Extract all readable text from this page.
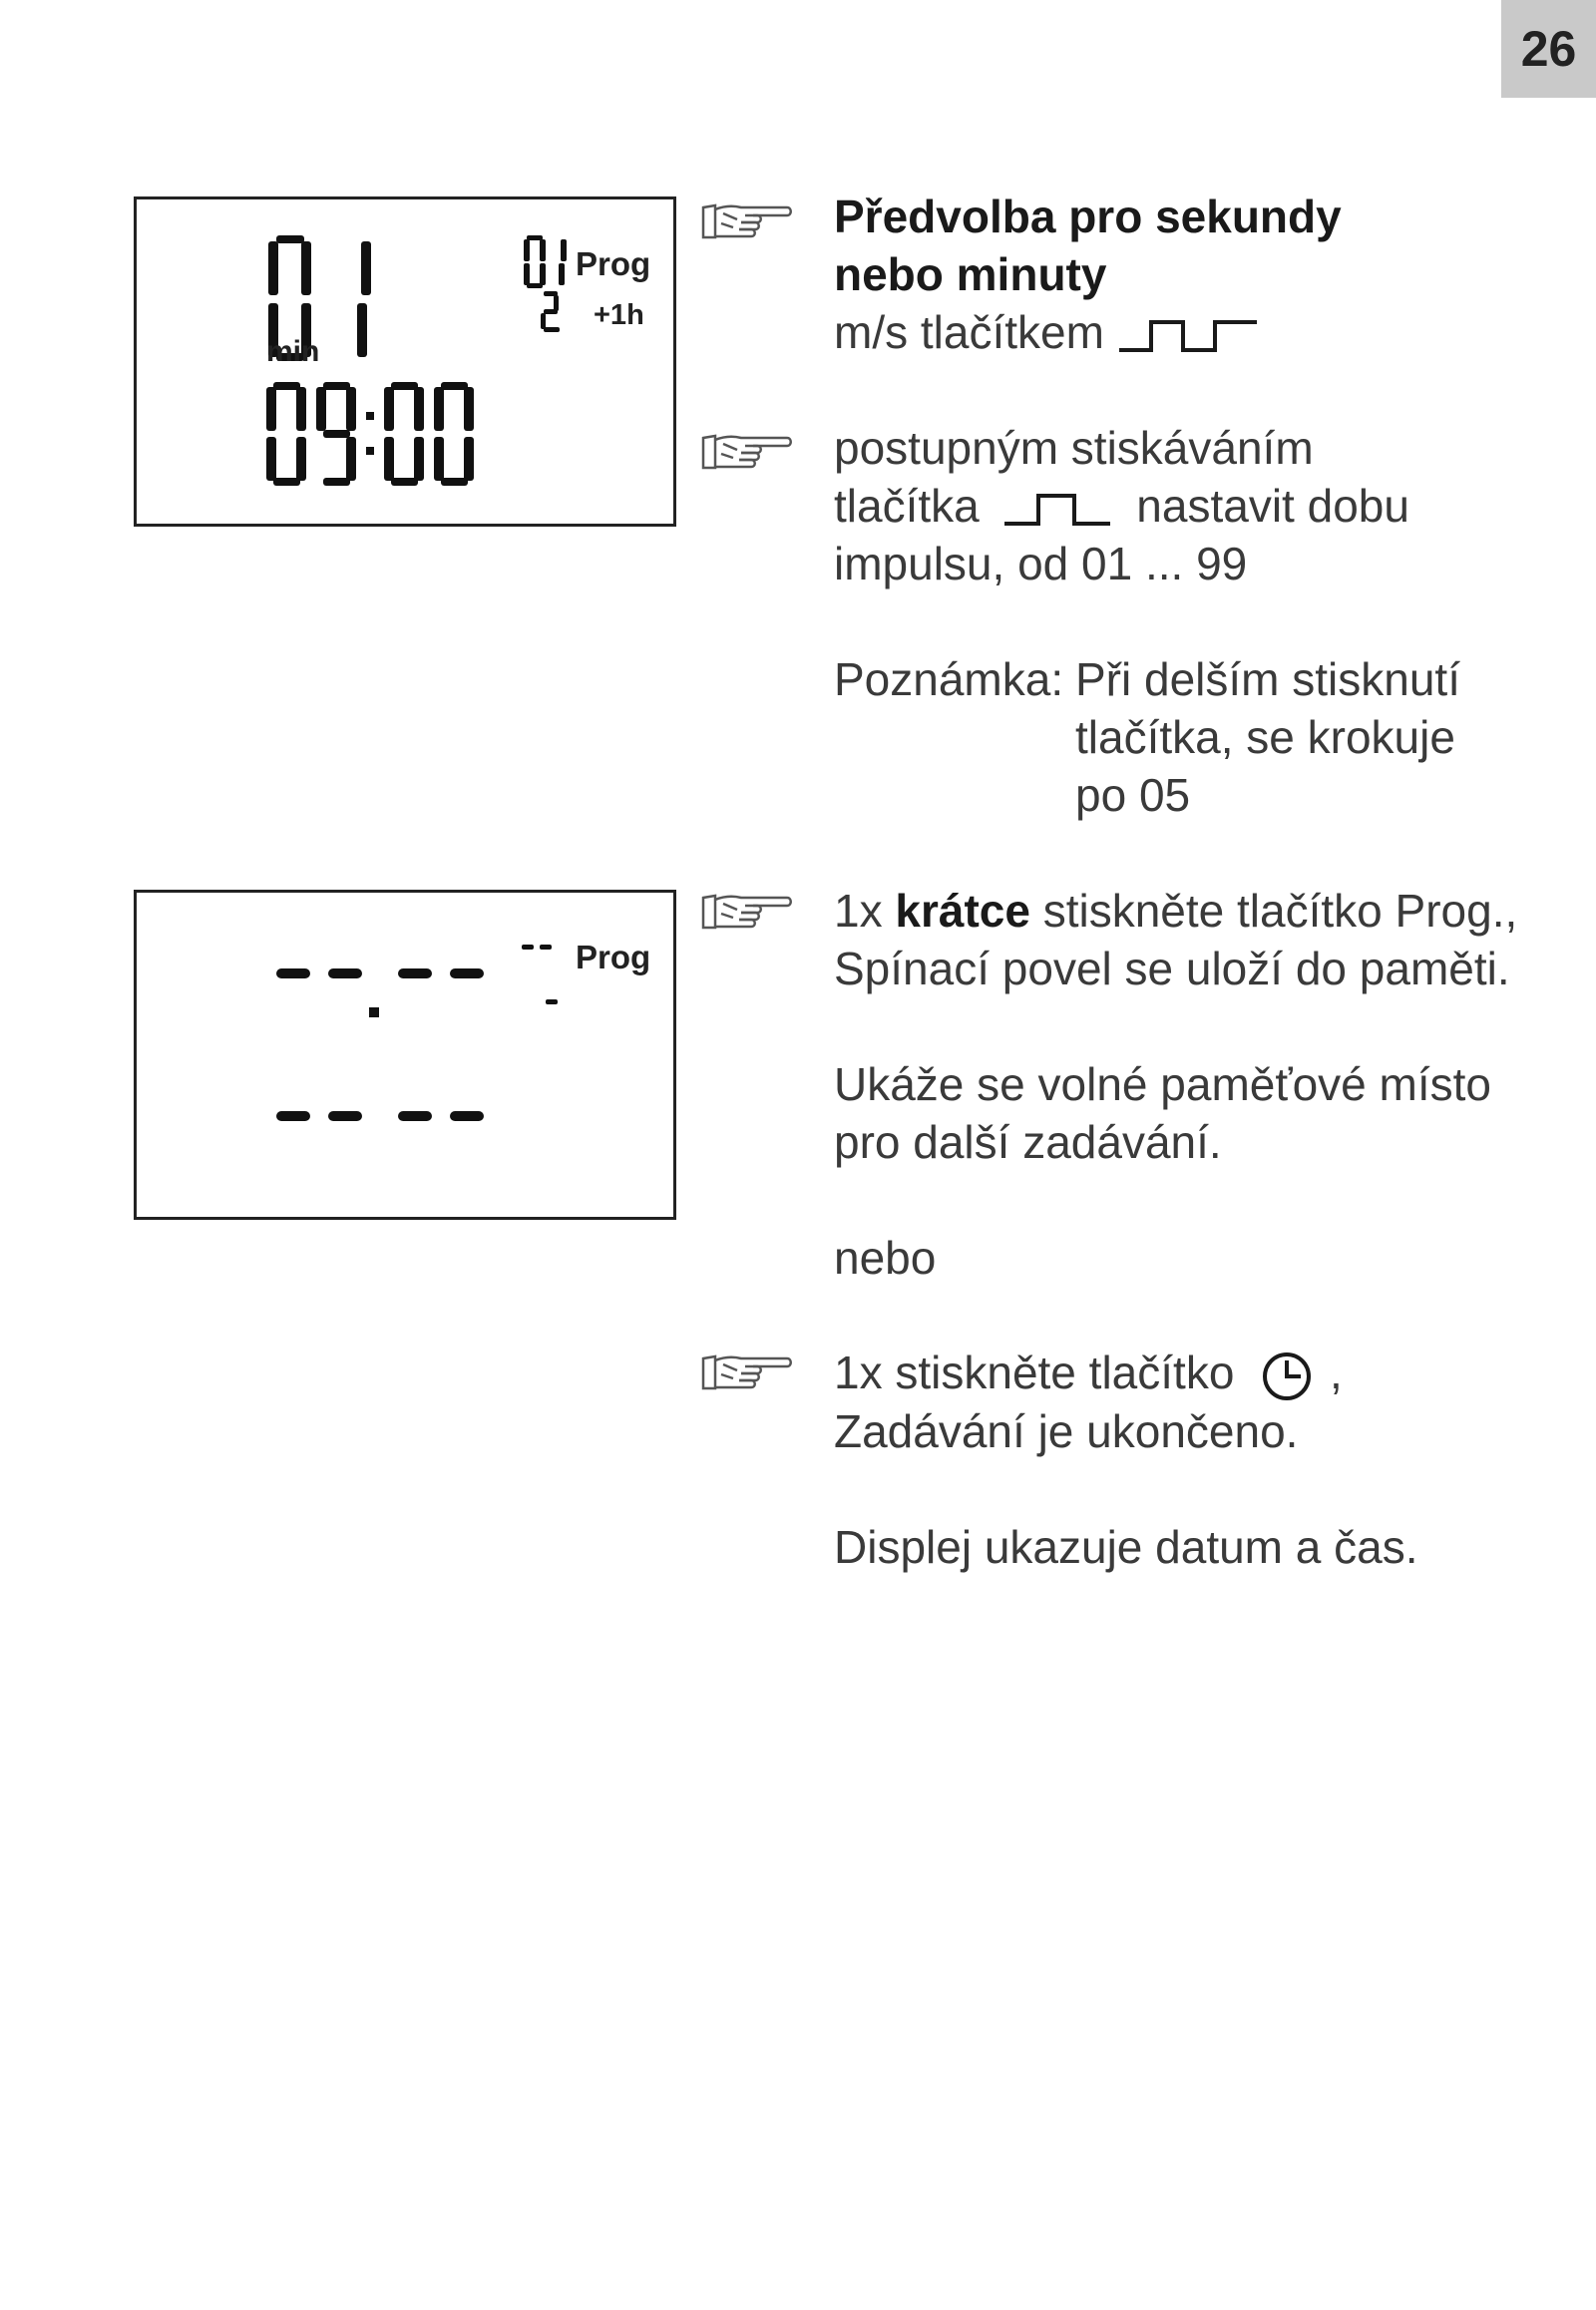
26
Prog
+1h
min
Prog
Předvolba pro sekundy
nebo minuty
m/s tlačítkem
postupným stiskáváním
tlačítka	nastavit dobu
impulsu, od 01 ... 99
Poznámka: Při delším stisknutí
tlačítka, se krokuje
po 05
1x krátce stiskněte tlačítko Prog.,
Spínací povel se uloží do paměti.
Ukáže se volné paměťové místo
pro další zadávání.
nebo
1x stiskněte tlačítko ,
Zadávání je ukončeno.
Displej ukazuje datum a čas.
